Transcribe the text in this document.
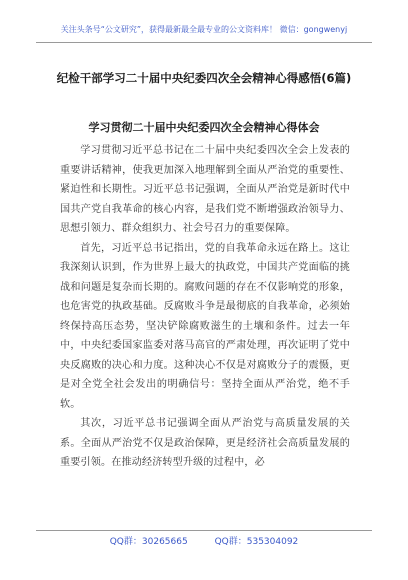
关注头条号“公文研究”，获得最新最全最专业的公文资料库！ 微信：gongwenyj
纪检干部学习二十届中央纪委四次全会精神心得感悟(6篇)
学习贯彻二十届中央纪委四次全会精神心得体会

学习贯彻习近平总书记在二十届中央纪委四次全会上发表的重要讲话精神，使我更加深入地理解到全面从严治党的重要性、紧迫性和长期性。习近平总书记强调，全面从严治党是新时代中国共产党自我革命的核心内容，是我们党不断增强政治领导力、思想引领力、群众组织力、社会号召力的重要保障。

首先，习近平总书记指出，党的自我革命永远在路上。这让我深刻认识到，作为世界上最大的执政党，中国共产党面临的挑战和问题是复杂而长期的。腐败问题的存在不仅影响党的形象，也危害党的执政基础。反腐败斗争是最彻底的自我革命，必须始终保持高压态势，坚决铲除腐败滋生的土壤和条件。过去一年中，中央纪委国家监委对落马高官的严肃处理，再次证明了党中央反腐败的决心和力度。这种决心不仅是对腐败分子的震慑，更是对全党全社会发出的明确信号：坚持全面从严治党，绝不手软。

其次，习近平总书记强调全面从严治党与高质量发展的关系。全面从严治党不仅是政治保障，更是经济社会高质量发展的重要引领。在推动经济转型升级的过程中，必

QQ群：30265665	QQ群：535304092
